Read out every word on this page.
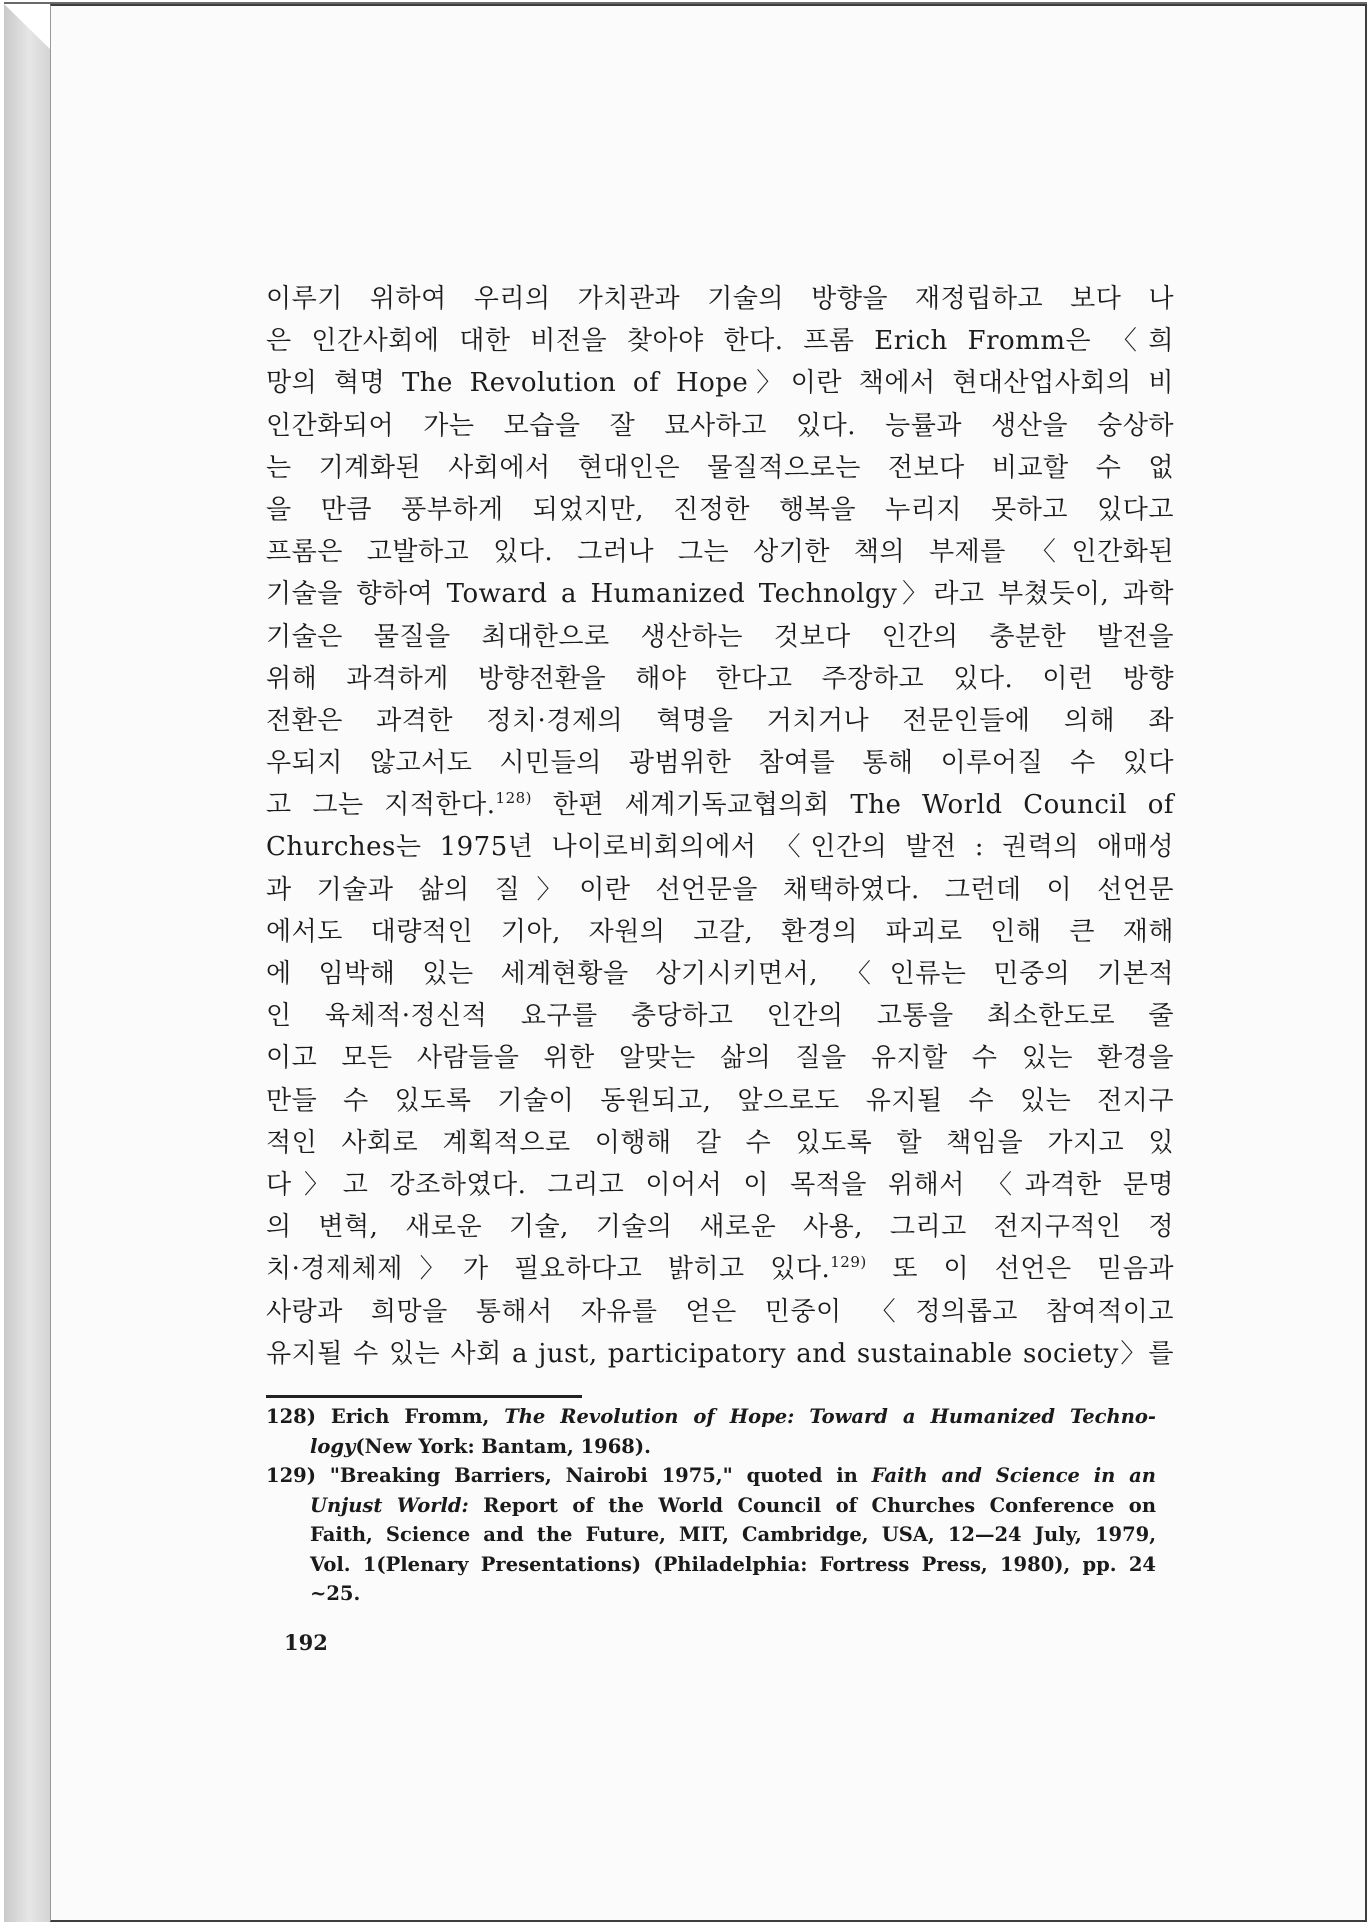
이루기 위하여 우리의 가치관과 기술의 방향을 재정립하고 보다 나
은 인간사회에 대한 비전을 찾아야 한다. 프롬 Erich Fromm은 〈희
망의 혁명 The Revolution of Hope〉이란 책에서 현대산업사회의 비
인간화되어 가는 모습을 잘 묘사하고 있다. 능률과 생산을 숭상하
는 기계화된 사회에서 현대인은 물질적으로는 전보다 비교할 수 없
을 만큼 풍부하게 되었지만, 진정한 행복을 누리지 못하고 있다고
프롬은 고발하고 있다. 그러나 그는 상기한 책의 부제를 〈인간화된
기술을 향하여 Toward a Humanized Technolgy〉라고 부쳤듯이, 과학
기술은 물질을 최대한으로 생산하는 것보다 인간의 충분한 발전을
위해 과격하게 방향전환을 해야 한다고 주장하고 있다. 이런 방향
전환은 과격한 정치·경제의 혁명을 거치거나 전문인들에 의해 좌
우되지 않고서도 시민들의 광범위한 참여를 통해 이루어질 수 있다
고 그는 지적한다.$^{128)}$ 한편 세계기독교협의회 The World Council of
Churches는 1975년 나이로비회의에서 〈인간의 발전 : 권력의 애매성
과 기술과 삶의 질〉이란 선언문을 채택하였다. 그런데 이 선언문
에서도 대량적인 기아, 자원의 고갈, 환경의 파괴로 인해 큰 재해
에 임박해 있는 세계현황을 상기시키면서, 〈인류는 민중의 기본적
인 육체적·정신적 요구를 충당하고 인간의 고통을 최소한도로 줄
이고 모든 사람들을 위한 알맞는 삶의 질을 유지할 수 있는 환경을
만들 수 있도록 기술이 동원되고, 앞으로도 유지될 수 있는 전지구
적인 사회로 계획적으로 이행해 갈 수 있도록 할 책임을 가지고 있
다〉고 강조하였다. 그리고 이어서 이 목적을 위해서 〈과격한 문명
의 변혁, 새로운 기술, 기술의 새로운 사용, 그리고 전지구적인 정
치·경제체제〉가 필요하다고 밝히고 있다.$^{129)}$ 또 이 선언은 믿음과
사랑과 희망을 통해서 자유를 얻은 민중이 〈정의롭고 참여적이고
유지될 수 있는 사회 a just, participatory and sustainable society〉를
128) Erich Fromm, The Revolution of Hope: Toward a Humanized Techno-
logy(New York: Bantam, 1968).
129) "Breaking Barriers, Nairobi 1975," quoted in Faith and Science in an
Unjust World: Report of the World Council of Churches Conference on
Faith, Science and the Future, MIT, Cambridge, USA, 12—24 July, 1979,
Vol. 1(Plenary Presentations) (Philadelphia: Fortress Press, 1980), pp. 24
~25.
192
